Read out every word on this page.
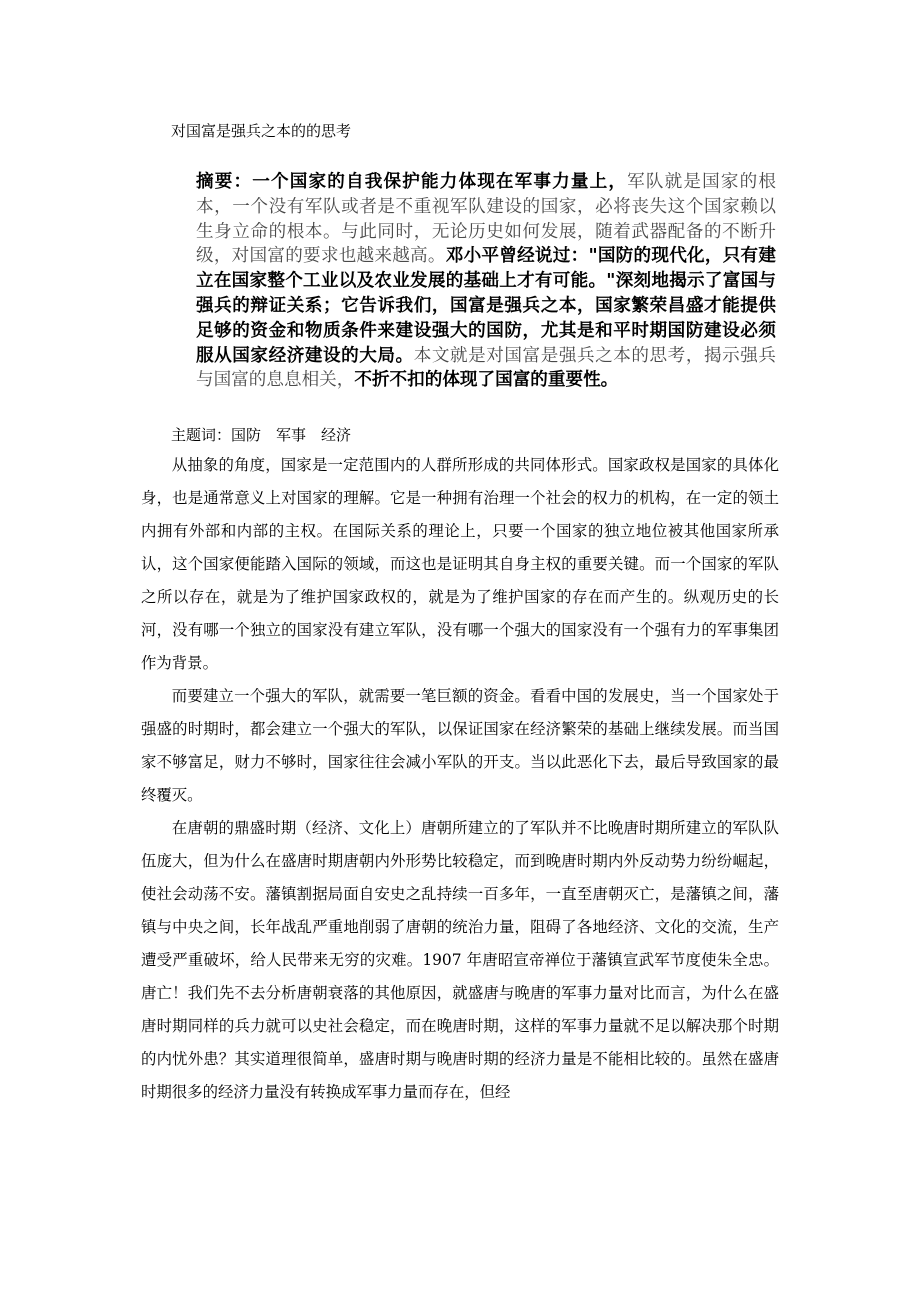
对国富是强兵之本的的思考
摘要：一个国家的自我保护能力体现在军事力量上，军队就是国家的根本，一个没有军队或者是不重视军队建设的国家，必将丧失这个国家赖以生身立命的根本。与此同时，无论历史如何发展，随着武器配备的不断升级，对国富的要求也越来越高。邓小平曾经说过："国防的现代化，只有建立在国家整个工业以及农业发展的基础上才有可能。"深刻地揭示了富国与强兵的辩证关系；它告诉我们，国富是强兵之本，国家繁荣昌盛才能提供足够的资金和物质条件来建设强大的国防，尤其是和平时期国防建设必须服从国家经济建设的大局。本文就是对国富是强兵之本的思考，揭示强兵与国富的息息相关，不折不扣的体现了国富的重要性。
主题词：国防　军事　经济

从抽象的角度，国家是一定范围内的人群所形成的共同体形式。国家政权是国家的具体化身，也是通常意义上对国家的理解。它是一种拥有治理一个社会的权力的机构，在一定的领土内拥有外部和内部的主权。在国际关系的理论上，只要一个国家的独立地位被其他国家所承认，这个国家便能踏入国际的领域，而这也是证明其自身主权的重要关键。而一个国家的军队之所以存在，就是为了维护国家政权的，就是为了维护国家的存在而产生的。纵观历史的长河，没有哪一个独立的国家没有建立军队，没有哪一个强大的国家没有一个强有力的军事集团作为背景。

而要建立一个强大的军队，就需要一笔巨额的资金。看看中国的发展史，当一个国家处于强盛的时期时，都会建立一个强大的军队，以保证国家在经济繁荣的基础上继续发展。而当国家不够富足，财力不够时，国家往往会减小军队的开支。当以此恶化下去，最后导致国家的最终覆灭。

在唐朝的鼎盛时期（经济、文化上）唐朝所建立的了军队并不比晚唐时期所建立的军队队伍庞大，但为什么在盛唐时期唐朝内外形势比较稳定，而到晚唐时期内外反动势力纷纷崛起，使社会动荡不安。藩镇割据局面自安史之乱持续一百多年，一直至唐朝灭亡，是藩镇之间，藩镇与中央之间，长年战乱严重地削弱了唐朝的统治力量，阻碍了各地经济、文化的交流，生产遭受严重破坏，给人民带来无穷的灾难。1907 年唐昭宣帝禅位于藩镇宣武军节度使朱全忠。唐亡！我们先不去分析唐朝衰落的其他原因，就盛唐与晚唐的军事力量对比而言，为什么在盛唐时期同样的兵力就可以史社会稳定，而在晚唐时期，这样的军事力量就不足以解决那个时期的内忧外患？其实道理很简单，盛唐时期与晚唐时期的经济力量是不能相比较的。虽然在盛唐时期很多的经济力量没有转换成军事力量而存在，但经
